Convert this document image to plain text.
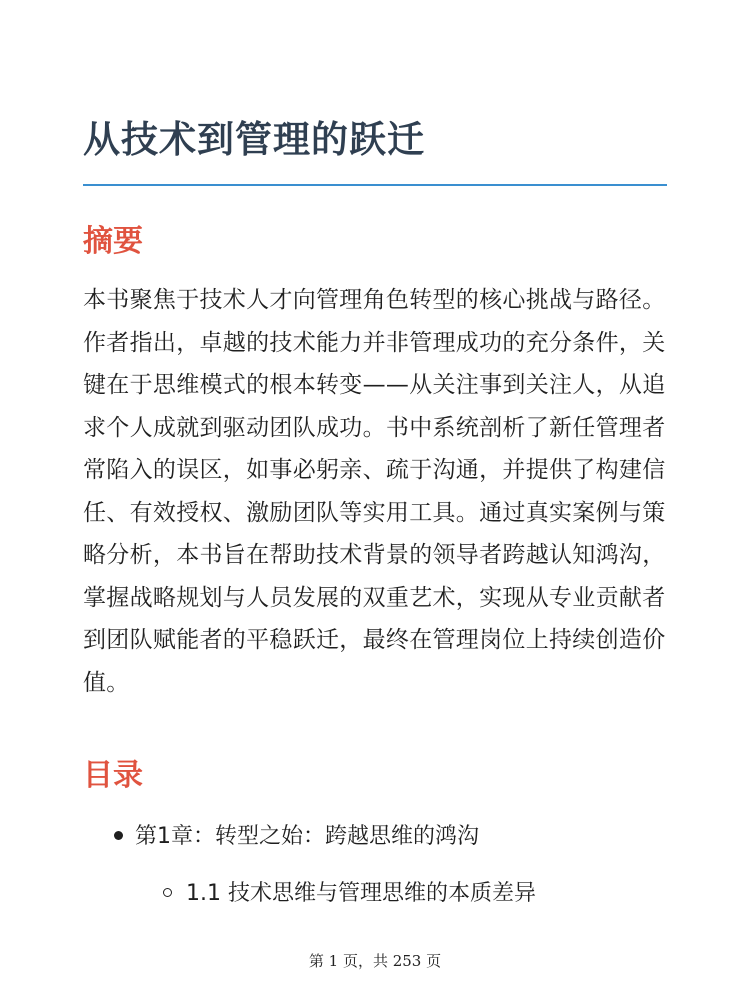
从技术到管理的跃迁
摘要

本书聚焦于技术人才向管理角色转型的核心挑战与路径。作者指出，卓越的技术能力并非管理成功的充分条件，关键在于思维模式的根本转变——从关注事到关注人，从追求个人成就到驱动团队成功。书中系统剖析了新任管理者常陷入的误区，如事必躬亲、疏于沟通，并提供了构建信任、有效授权、激励团队等实用工具。通过真实案例与策略分析，本书旨在帮助技术背景的领导者跨越认知鸿沟，掌握战略规划与人员发展的双重艺术，实现从专业贡献者到团队赋能者的平稳跃迁，最终在管理岗位上持续创造价值。

目录
第1章：转型之始：跨越思维的鸿沟
1.1 技术思维与管理思维的本质差异
第 1 页，共 253 页
